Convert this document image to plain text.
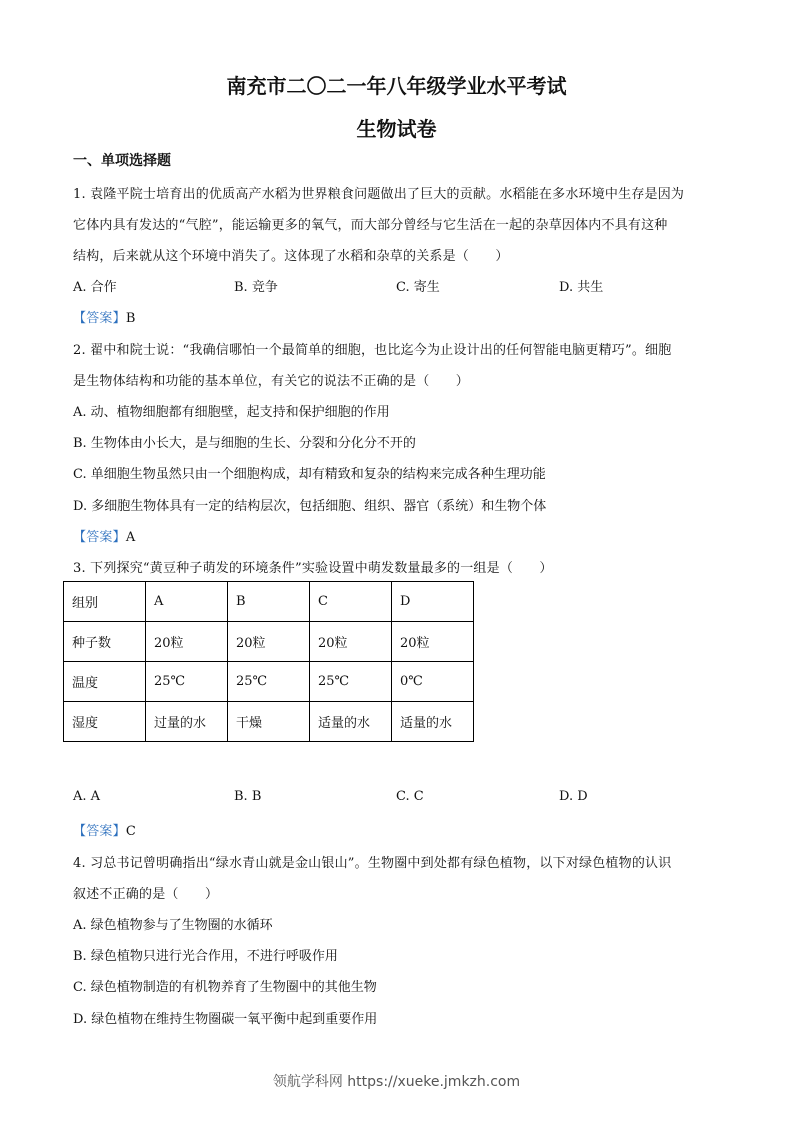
南充市二〇二一年八年级学业水平考试
生物试卷
一、单项选择题
1. 袁隆平院士培育出的优质高产水稻为世界粮食问题做出了巨大的贡献。水稻能在多水环境中生存是因为
它体内具有发达的“气腔”，能运输更多的氧气，而大部分曾经与它生活在一起的杂草因体内不具有这种
结构，后来就从这个环境中消失了。这体现了水稻和杂草的关系是（　　）
A. 合作	B. 竞争	C. 寄生	D. 共生
【答案】B
2. 翟中和院士说：“我确信哪怕一个最简单的细胞，也比迄今为止设计出的任何智能电脑更精巧”。细胞
是生物体结构和功能的基本单位，有关它的说法不正确的是（　　）
A. 动、植物细胞都有细胞壁，起支持和保护细胞的作用
B. 生物体由小长大，是与细胞的生长、分裂和分化分不开的
C. 单细胞生物虽然只由一个细胞构成，却有精致和复杂的结构来完成各种生理功能
D. 多细胞生物体具有一定的结构层次，包括细胞、组织、器官（系统）和生物个体
【答案】A
3. 下列探究“黄豆种子萌发的环境条件”实验设置中萌发数量最多的一组是（　　）
组别	A	B	C	D
种子数	20粒	20粒	20粒	20粒
温度	25℃	25℃	25℃	0℃
湿度	过量的水	干燥	适量的水	适量的水
A. A	B. B	C. C	D. D
【答案】C
4. 习总书记曾明确指出“绿水青山就是金山银山”。生物圈中到处都有绿色植物，以下对绿色植物的认识
叙述不正确的是（　　）
A. 绿色植物参与了生物圈的水循环
B. 绿色植物只进行光合作用，不进行呼吸作用
C. 绿色植物制造的有机物养育了生物圈中的其他生物
D. 绿色植物在维持生物圈碳一氧平衡中起到重要作用
领航学科网 https://xueke.jmkzh.com
